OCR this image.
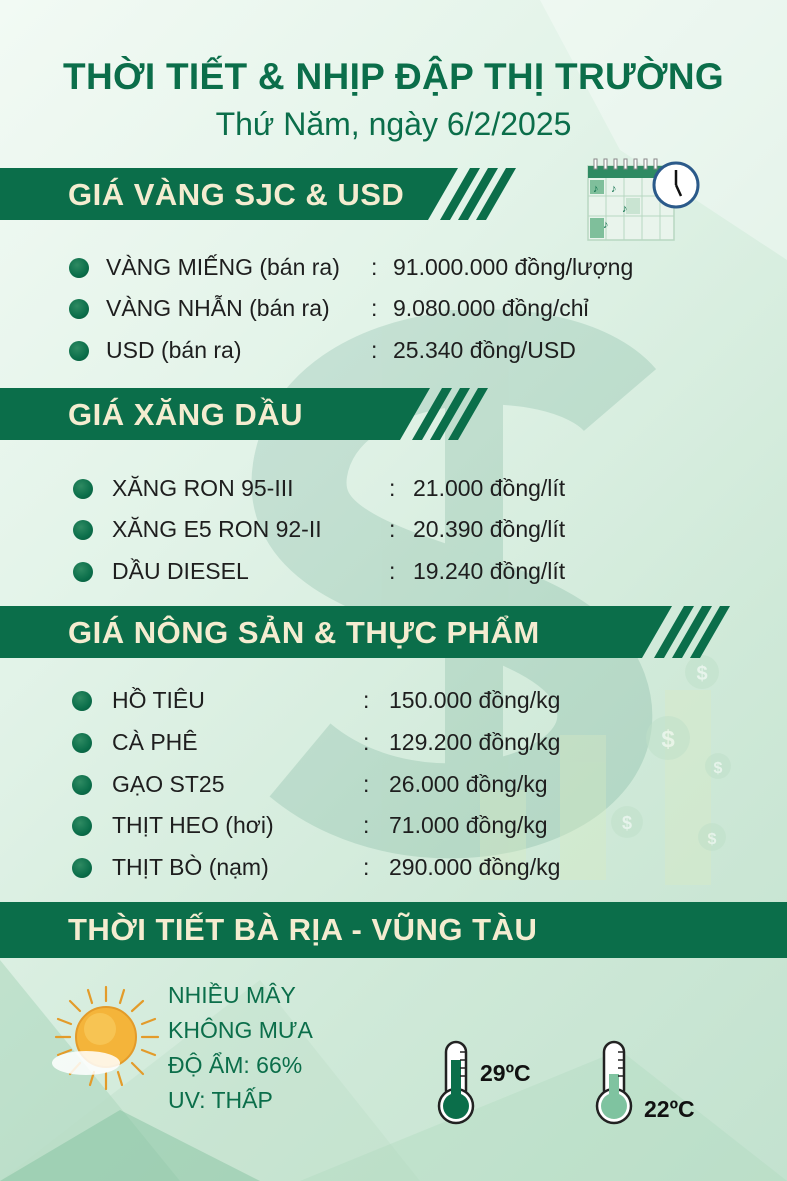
$
$
$
$
$
THỜI TIẾT & NHỊP ĐẬP THỊ TRƯỜNG
Thứ Năm, ngày 6/2/2025
♪ ♪
♪
♪
GIÁ VÀNG SJC & USD
VÀNG MIẾNG (bán ra) : 91.000.000 đồng/lượng
VÀNG NHẪN (bán ra) : 9.080.000 đồng/chỉ
USD (bán ra)	: 25.340 đồng/USD
GIÁ XĂNG DẦU
XĂNG RON 95-III	: 21.000 đồng/lít
XĂNG E5 RON 92-II	: 20.390 đồng/lít
DẦU DIESEL	: 19.240 đồng/lít
GIÁ NÔNG SẢN & THỰC PHẨM
HỒ TIÊU	: 150.000 đồng/kg
CÀ PHÊ	: 129.200 đồng/kg
GẠO ST25	: 26.000 đồng/kg
THỊT HEO (hơi)	: 71.000 đồng/kg
THỊT BÒ (nạm)	: 290.000 đồng/kg
THỜI TIẾT BÀ RỊA - VŨNG TÀU
NHIỀU MÂY
KHÔNG MƯA
ĐỘ ẨM: 66%
UV: THẤP
29ºC
22ºC
